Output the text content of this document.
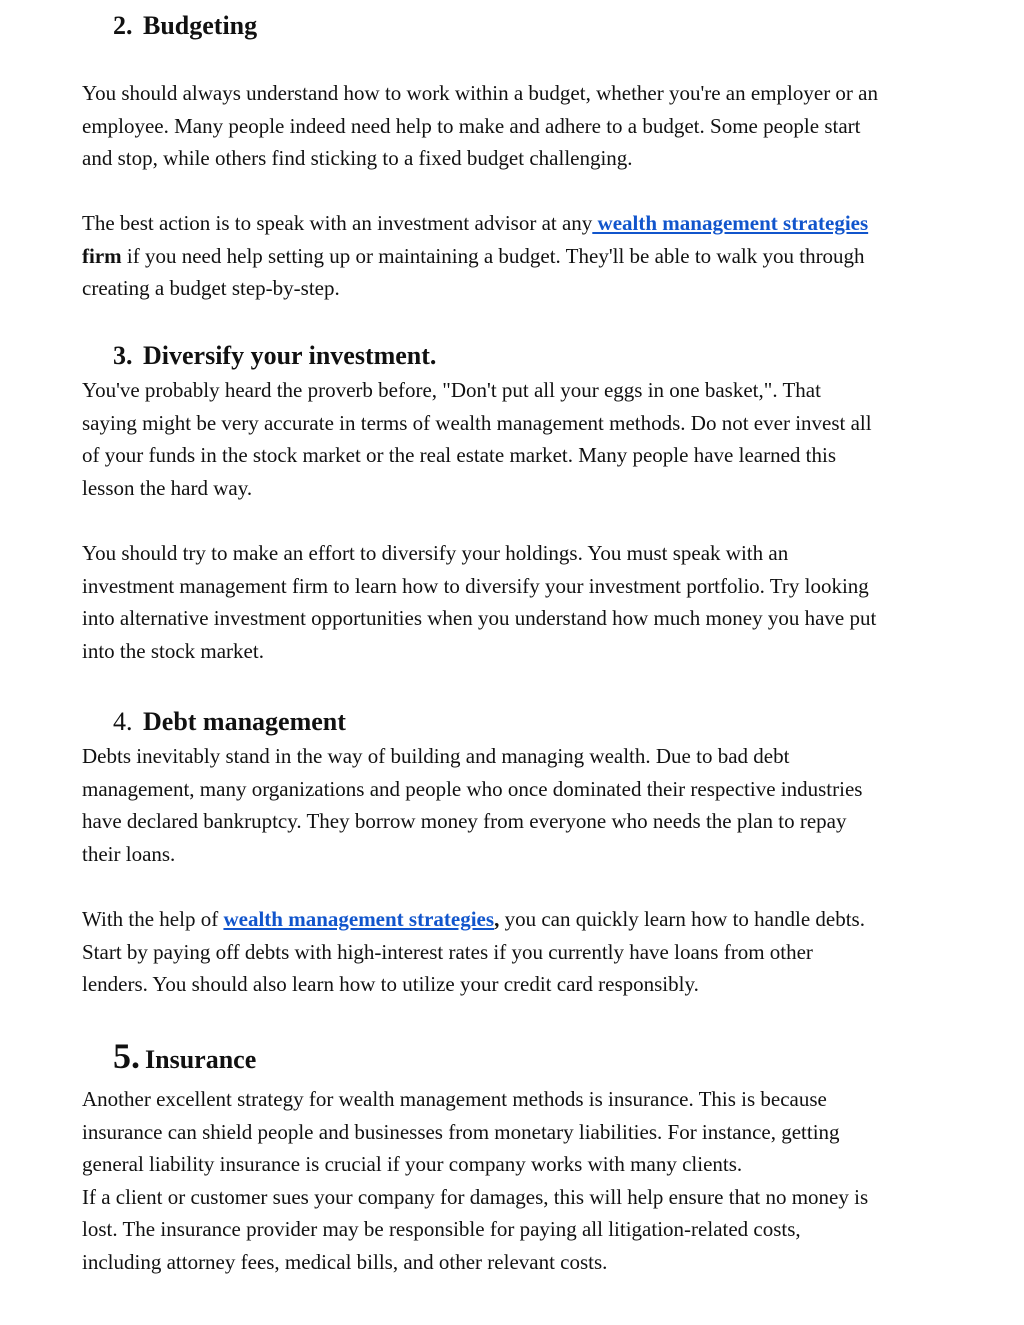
2. Budgeting

You should always understand how to work within a budget, whether you're an employer or an
employee. Many people indeed need help to make and adhere to a budget. Some people start
and stop, while others find sticking to a fixed budget challenging.

The best action is to speak with an investment advisor at any wealth management strategies
firm if you need help setting up or maintaining a budget. They'll be able to walk you through
creating a budget step-by-step.

3. Diversify your investment.

You've probably heard the proverb before, "Don't put all your eggs in one basket,". That
saying might be very accurate in terms of wealth management methods. Do not ever invest all
of your funds in the stock market or the real estate market. Many people have learned this
lesson the hard way.

You should try to make an effort to diversify your holdings. You must speak with an
investment management firm to learn how to diversify your investment portfolio. Try looking
into alternative investment opportunities when you understand how much money you have put
into the stock market.

4. Debt management

Debts inevitably stand in the way of building and managing wealth. Due to bad debt
management, many organizations and people who once dominated their respective industries
have declared bankruptcy. They borrow money from everyone who needs the plan to repay
their loans.

With the help of wealth management strategies, you can quickly learn how to handle debts.
Start by paying off debts with high-interest rates if you currently have loans from other
lenders. You should also learn how to utilize your credit card responsibly.

5. Insurance

Another excellent strategy for wealth management methods is insurance. This is because
insurance can shield people and businesses from monetary liabilities. For instance, getting
general liability insurance is crucial if your company works with many clients.
If a client or customer sues your company for damages, this will help ensure that no money is
lost. The insurance provider may be responsible for paying all litigation-related costs,
including attorney fees, medical bills, and other relevant costs.
